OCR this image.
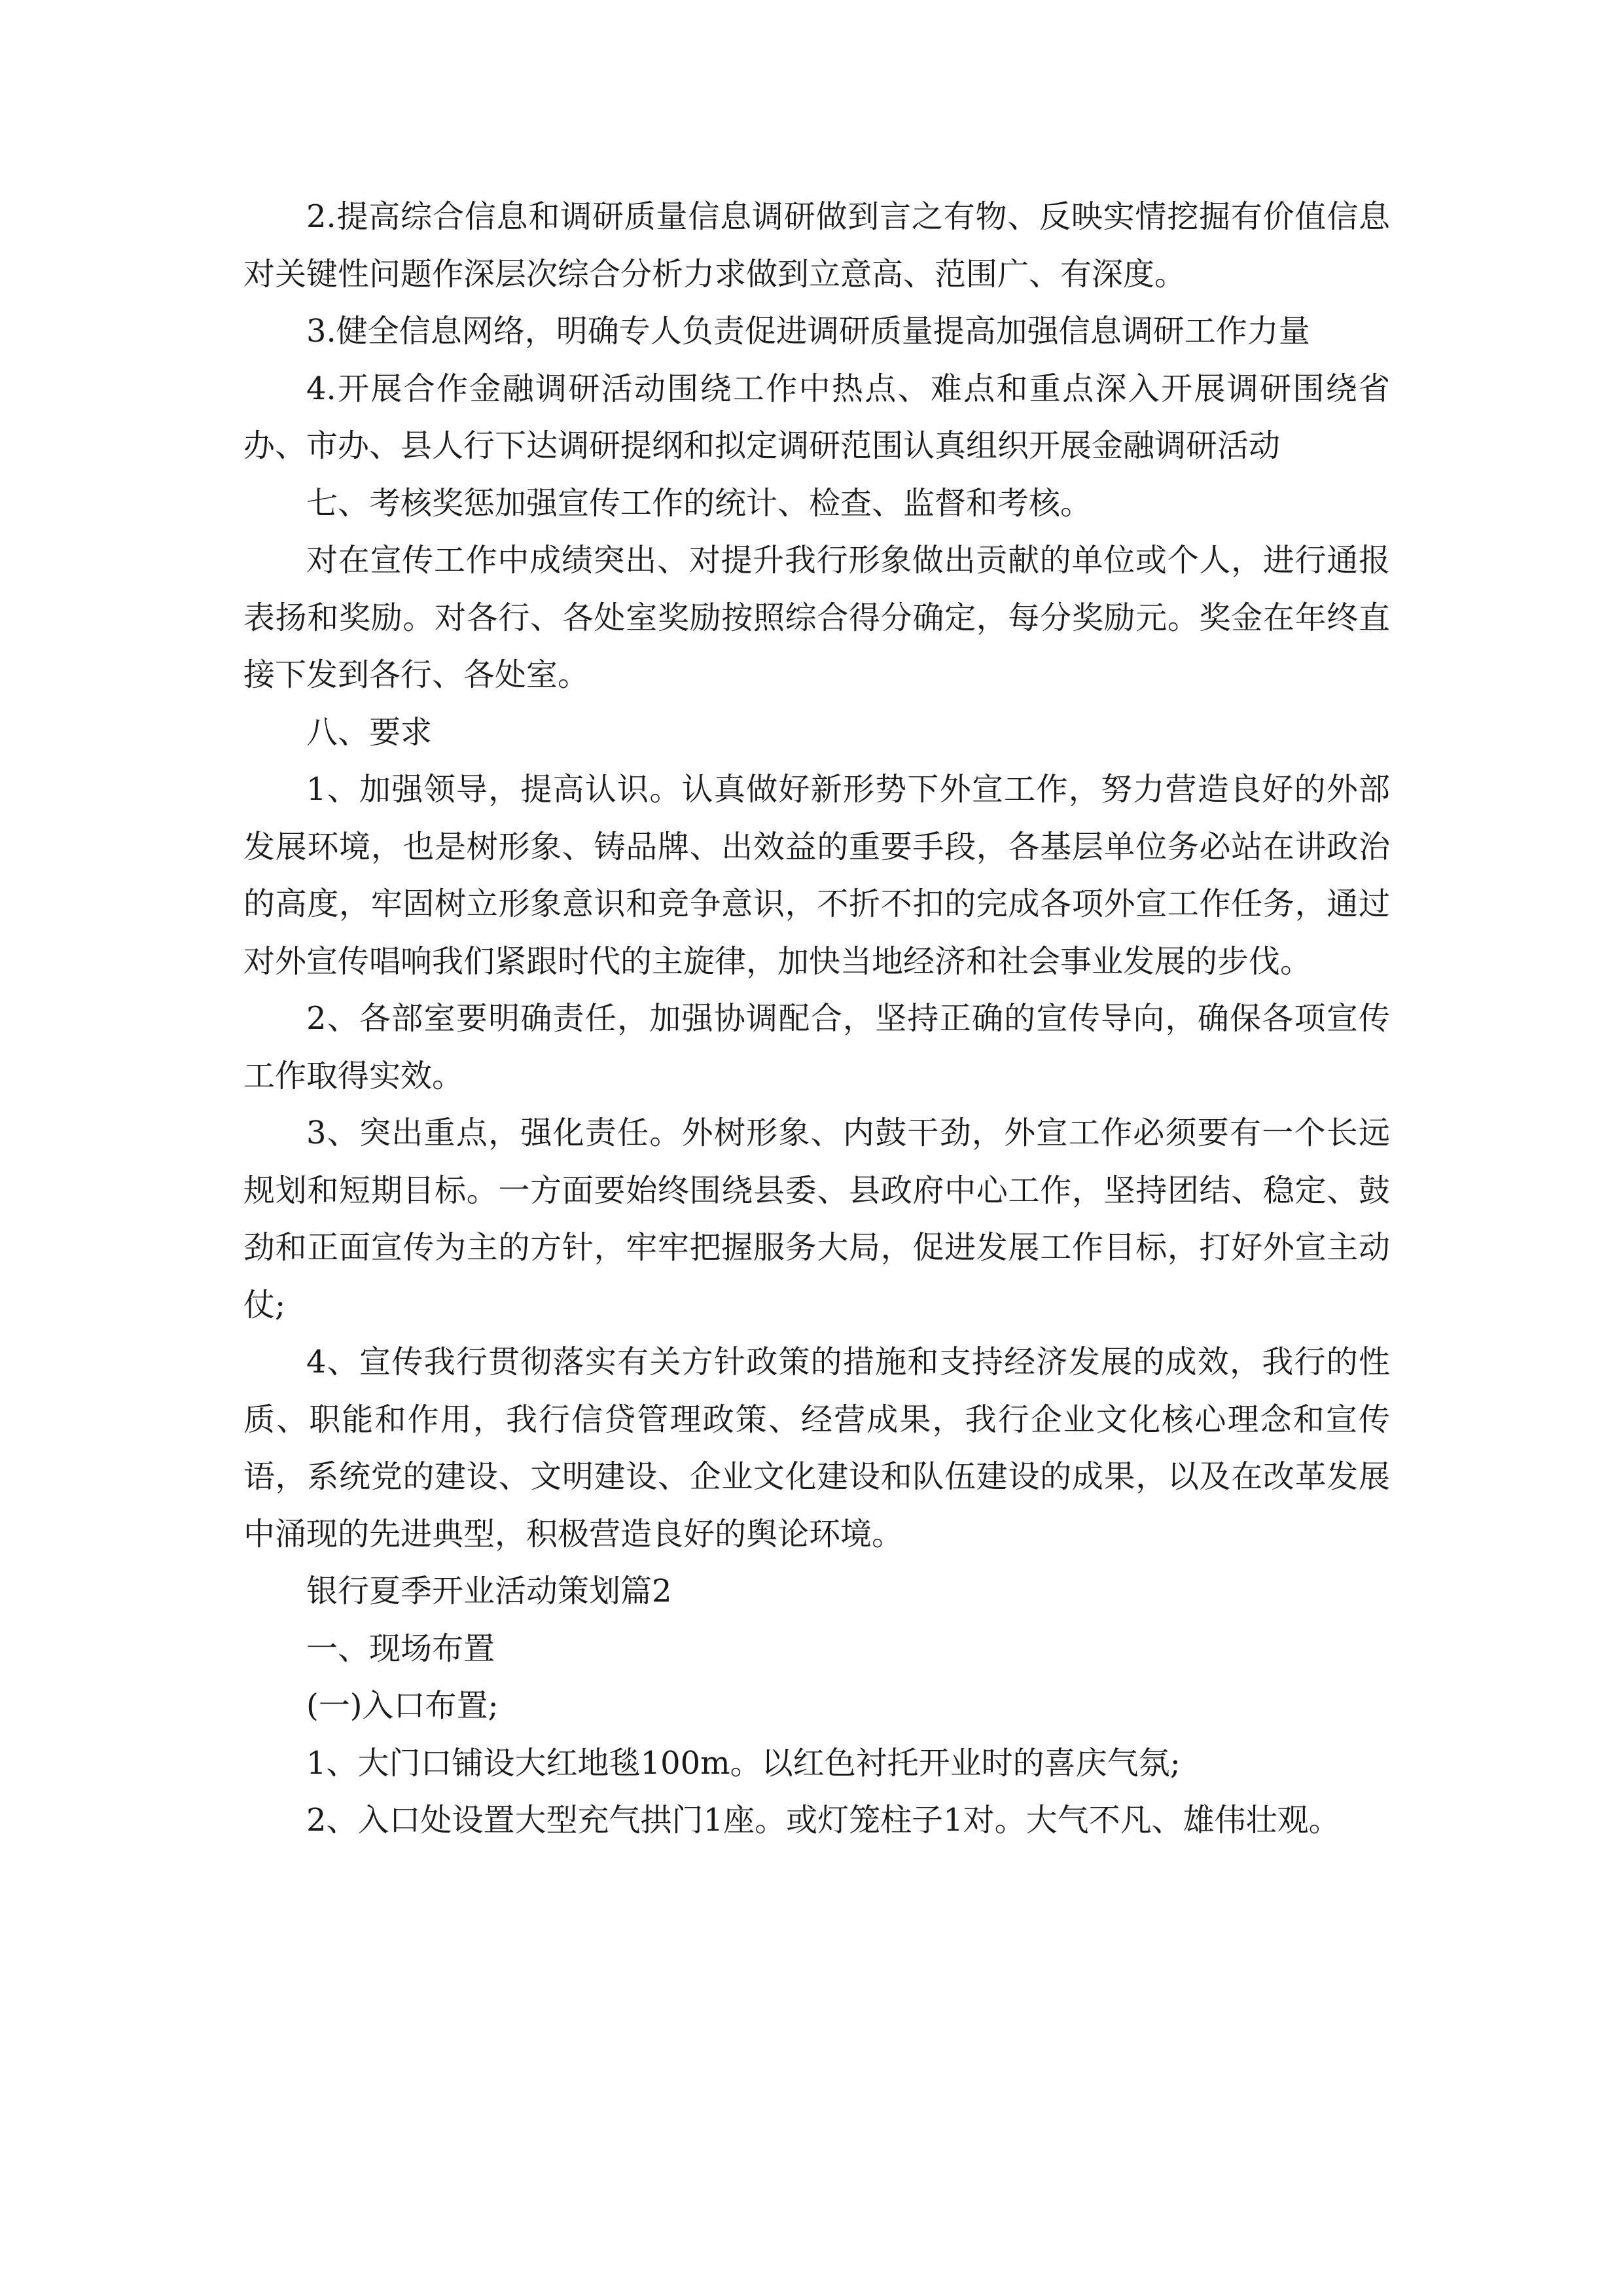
2.提高综合信息和调研质量信息调研做到言之有物、反映实情挖掘有价值信息对关键性问题作深层次综合分析力求做到立意高、范围广、有深度。

3.健全信息网络，明确专人负责促进调研质量提高加强信息调研工作力量

4.开展合作金融调研活动围绕工作中热点、难点和重点深入开展调研围绕省办、市办、县人行下达调研提纲和拟定调研范围认真组织开展金融调研活动

七、考核奖惩加强宣传工作的统计、检查、监督和考核。

对在宣传工作中成绩突出、对提升我行形象做出贡献的单位或个人，进行通报表扬和奖励。对各行、各处室奖励按照综合得分确定，每分奖励元。奖金在年终直接下发到各行、各处室。

八、要求

1、加强领导，提高认识。认真做好新形势下外宣工作，努力营造良好的外部发展环境，也是树形象、铸品牌、出效益的重要手段，各基层单位务必站在讲政治的高度，牢固树立形象意识和竞争意识，不折不扣的完成各项外宣工作任务，通过对外宣传唱响我们紧跟时代的主旋律，加快当地经济和社会事业发展的步伐。

2、各部室要明确责任，加强协调配合，坚持正确的宣传导向，确保各项宣传工作取得实效。

3、突出重点，强化责任。外树形象、内鼓干劲，外宣工作必须要有一个长远规划和短期目标。一方面要始终围绕县委、县政府中心工作，坚持团结、稳定、鼓劲和正面宣传为主的方针，牢牢把握服务大局，促进发展工作目标，打好外宣主动仗;

4、宣传我行贯彻落实有关方针政策的措施和支持经济发展的成效，我行的性质、职能和作用，我行信贷管理政策、经营成果，我行企业文化核心理念和宣传语，系统党的建设、文明建设、企业文化建设和队伍建设的成果，以及在改革发展中涌现的先进典型，积极营造良好的舆论环境。

银行夏季开业活动策划篇2

一、现场布置

(一)入口布置;

1、大门口铺设大红地毯100m。以红色衬托开业时的喜庆气氛;

2、入口处设置大型充气拱门1座。或灯笼柱子1对。大气不凡、雄伟壮观。
